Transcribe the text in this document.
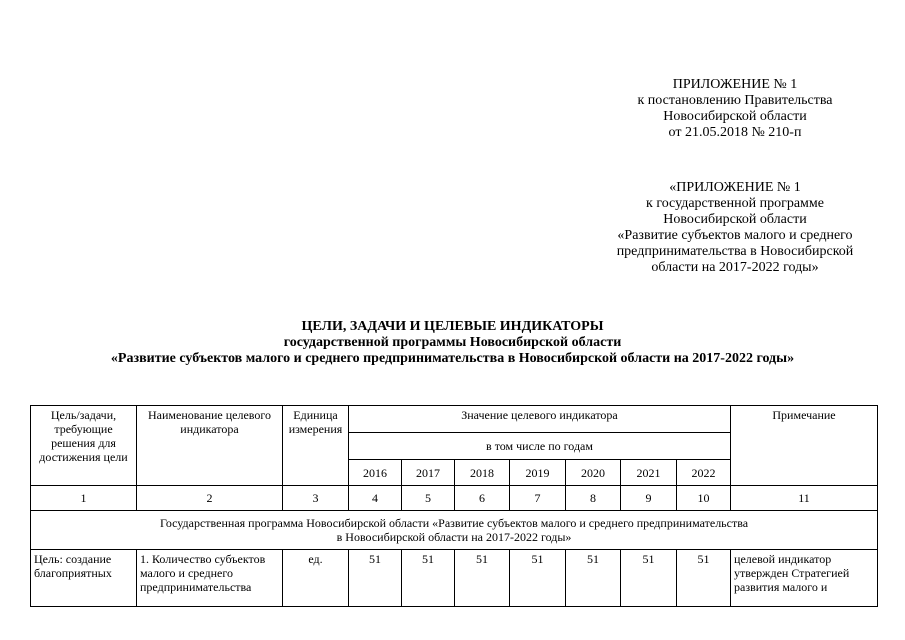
ПРИЛОЖЕНИЕ № 1
к постановлению Правительства
Новосибирской области
от 21.05.2018 № 210-п
«ПРИЛОЖЕНИЕ № 1
к государственной программе
Новосибирской области
«Развитие субъектов малого и среднего
предпринимательства в Новосибирской
области на 2017-2022 годы»
ЦЕЛИ, ЗАДАЧИ И ЦЕЛЕВЫЕ ИНДИКАТОРЫ
государственной программы Новосибирской области
«Развитие субъектов малого и среднего предпринимательства в Новосибирской области на 2017-2022 годы»
Цель/задачи, требующие решения для достижения цели	Наименование целевого индикатора	Единица измерения	Значение целевого индикатора							Примечание
			в том числе по годам							
			2016	2017	2018	2019	2020	2021	2022	
1	2	3	4	5	6	7	8	9	10	11

Государственная программа Новосибирской области «Развитие субъектов малого и среднего предпринимательства
в Новосибирской области на 2017-2022 годы»										

Цель: создание благоприятных	1. Количество субъектов малого и среднего предпринимательства	ед.	51	51	51	51	51	51	51	целевой индикатор утвержден Стратегией развития малого и
